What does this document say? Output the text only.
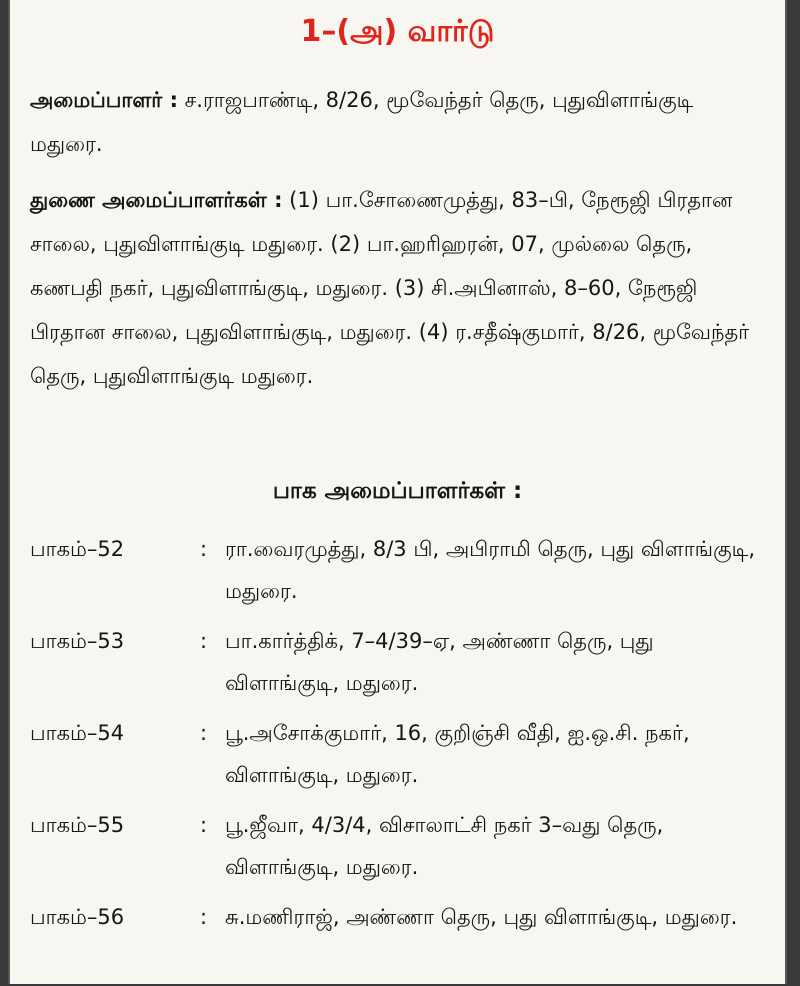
1–(அ) வார்டு

அமைப்பாளர் : ச.ராஜபாண்டி, 8/26, மூவேந்தர் தெரு, புதுவிளாங்குடி மதுரை.

துணை அமைப்பாளர்கள் : (1) பா.சோணைமுத்து, 83–பி, நேரூஜி பிரதான சாலை, புதுவிளாங்குடி மதுரை. (2) பா.ஹரிஹரன், 07, முல்லை தெரு, கணபதி நகர், புதுவிளாங்குடி, மதுரை. (3) சி.அபினாஸ், 8–60, நேரூஜி பிரதான சாலை, புதுவிளாங்குடி, மதுரை. (4) ர.சதீஷ்குமார், 8/26, மூவேந்தர் தெரு, புதுவிளாங்குடி மதுரை.

பாக அமைப்பாளர்கள் :
பாகம்–52	: ரா.வைரமுத்து, 8/3 பி, அபிராமி தெரு, புது விளாங்குடி, மதுரை.
பாகம்–53	: பா.கார்த்திக், 7–4/39–ஏ, அண்ணா தெரு, புது விளாங்குடி, மதுரை.
பாகம்–54	: பூ.அசோக்குமார், 16, குறிஞ்சி வீதி, ஐ.ஒ.சி. நகர், விளாங்குடி, மதுரை.
பாகம்–55	: பூ.ஜீவா, 4/3/4, விசாலாட்சி நகர் 3–வது தெரு, விளாங்குடி, மதுரை.
பாகம்–56	: சு.மணிராஜ், அண்ணா தெரு, புது விளாங்குடி, மதுரை.
